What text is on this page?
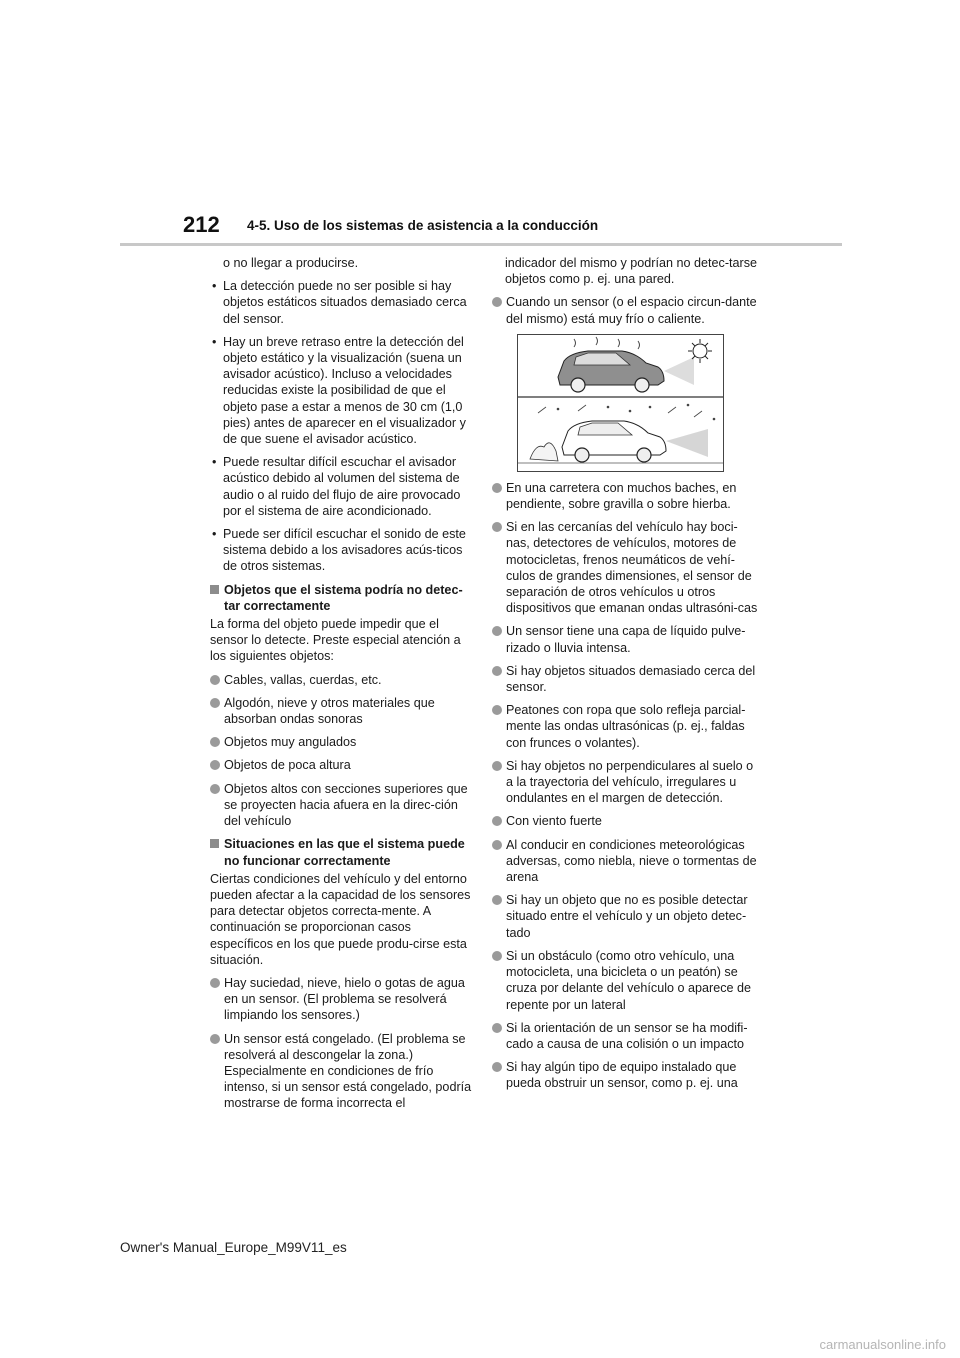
212 4-5. Uso de los sistemas de asistencia a la conducción

o no llegar a producirse.

• La detección puede no ser posible si hay objetos estáticos situados demasiado cerca del sensor.
• Hay un breve retraso entre la detección del objeto estático y la visualización (suena un avisador acústico). Incluso a velocidades reducidas existe la posibilidad de que el objeto pase a estar a menos de 30 cm (1,0 pies) antes de aparecer en el visualizador y de que suene el avisador acústico.
• Puede resultar difícil escuchar el avisador acústico debido al volumen del sistema de audio o al ruido del flujo de aire provocado por el sistema de aire acondicionado.
• Puede ser difícil escuchar el sonido de este sistema debido a los avisadores acús-ticos de otros sistemas.
Objetos que el sistema podría no detec-tar correctamente

La forma del objeto puede impedir que el sensor lo detecte. Preste especial atención a los siguientes objetos:

Cables, vallas, cuerdas, etc.
Algodón, nieve y otros materiales que absorban ondas sonoras
Objetos muy angulados
Objetos de poca altura
Objetos altos con secciones superiores que se proyecten hacia afuera en la direc-ción del vehículo
Situaciones en las que el sistema puede no funcionar correctamente

Ciertas condiciones del vehículo y del entorno pueden afectar a la capacidad de los sensores para detectar objetos correcta-mente. A continuación se proporcionan casos específicos en los que puede produ-cirse esta situación.

Hay suciedad, nieve, hielo o gotas de agua en un sensor. (El problema se resolverá limpiando los sensores.)
Un sensor está congelado. (El problema se resolverá al descongelar la zona.) Especialmente en condiciones de frío intenso, si un sensor está congelado, podría mostrarse de forma incorrecta el

indicador del mismo y podrían no detec-tarse objetos como p. ej. una pared.

Cuando un sensor (o el espacio circun-dante del mismo) está muy frío o caliente.
En una carretera con muchos baches, en pendiente, sobre gravilla o sobre hierba.
Si en las cercanías del vehículo hay boci-nas, detectores de vehículos, motores de motocicletas, frenos neumáticos de vehí-culos de grandes dimensiones, el sensor de separación de otros vehículos u otros dispositivos que emanan ondas ultrasóni-cas
Un sensor tiene una capa de líquido pulve-rizado o lluvia intensa.
Si hay objetos situados demasiado cerca del sensor.
Peatones con ropa que solo refleja parcial-mente las ondas ultrasónicas (p. ej., faldas con frunces o volantes).
Si hay objetos no perpendiculares al suelo o a la trayectoria del vehículo, irregulares u ondulantes en el margen de detección.
Con viento fuerte
Al conducir en condiciones meteorológicas adversas, como niebla, nieve o tormentas de arena
Si hay un objeto que no es posible detectar situado entre el vehículo y un objeto detec-tado
Si un obstáculo (como otro vehículo, una motocicleta, una bicicleta o un peatón) se cruza por delante del vehículo o aparece de repente por un lateral
Si la orientación de un sensor se ha modifi-cado a causa de una colisión o un impacto
Si hay algún tipo de equipo instalado que pueda obstruir un sensor, como p. ej. una
Owner's Manual_Europe_M99V11_es
carmanualsonline.info
